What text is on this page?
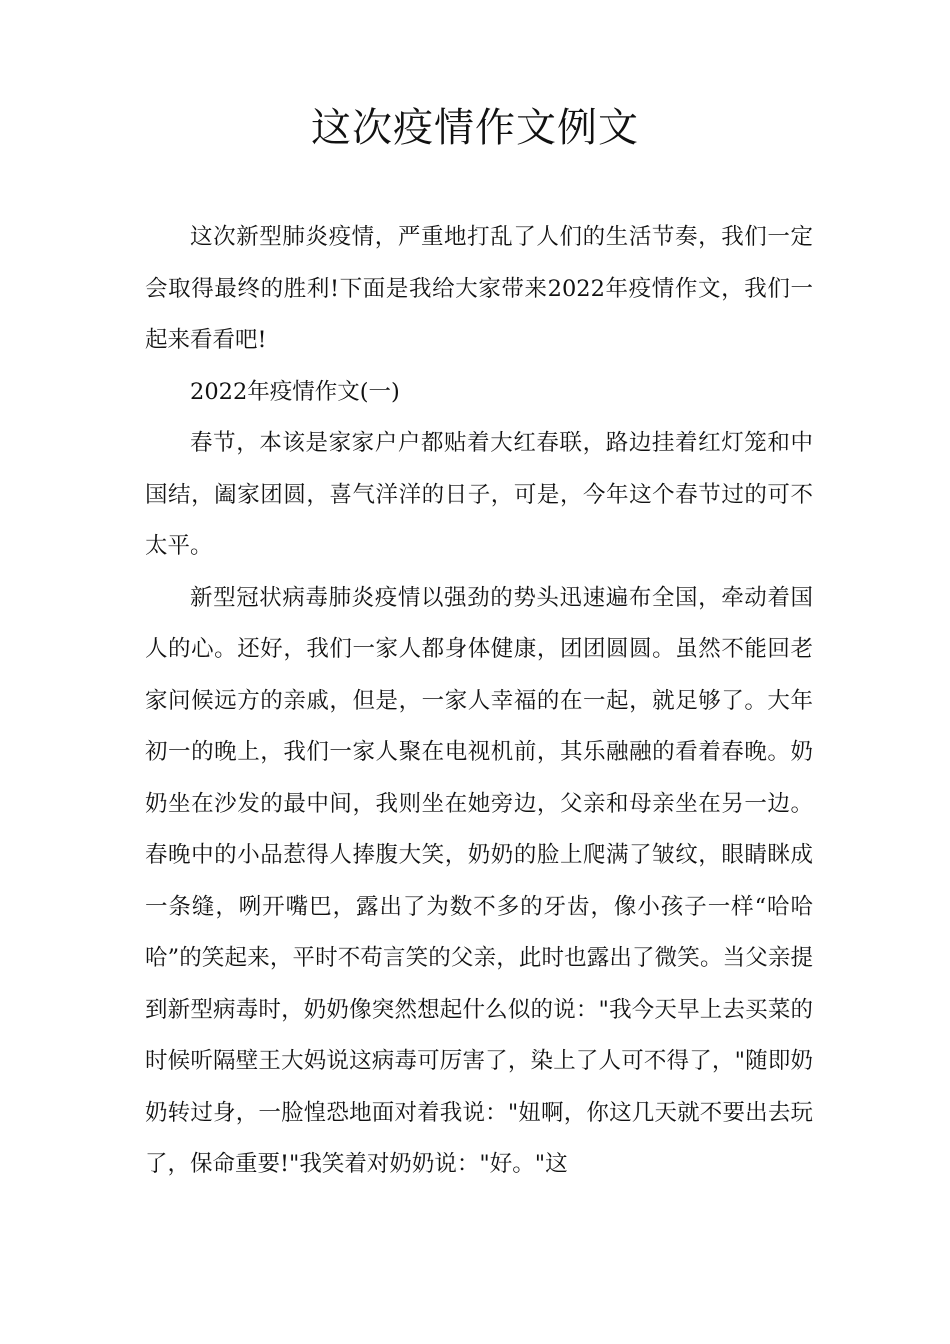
这次疫情作文例文

这次新型肺炎疫情，严重地打乱了人们的生活节奏，我们一定会取得最终的胜利!下面是我给大家带来2022年疫情作文，我们一起来看看吧!

2022年疫情作文(一)

春节，本该是家家户户都贴着大红春联，路边挂着红灯笼和中国结，阖家团圆，喜气洋洋的日子，可是，今年这个春节过的可不太平。

新型冠状病毒肺炎疫情以强劲的势头迅速遍布全国，牵动着国人的心。还好，我们一家人都身体健康，团团圆圆。虽然不能回老家问候远方的亲戚，但是，一家人幸福的在一起，就足够了。大年初一的晚上，我们一家人聚在电视机前，其乐融融的看着春晚。奶奶坐在沙发的最中间，我则坐在她旁边，父亲和母亲坐在另一边。春晚中的小品惹得人捧腹大笑，奶奶的脸上爬满了皱纹，眼睛眯成一条缝，咧开嘴巴，露出了为数不多的牙齿，像小孩子一样“哈哈哈”的笑起来，平时不苟言笑的父亲，此时也露出了微笑。当父亲提到新型病毒时，奶奶像突然想起什么似的说："我今天早上去买菜的时候听隔壁王大妈说这病毒可厉害了，染上了人可不得了，"随即奶奶转过身，一脸惶恐地面对着我说："妞啊，你这几天就不要出去玩了，保命重要!"我笑着对奶奶说："好。"这
